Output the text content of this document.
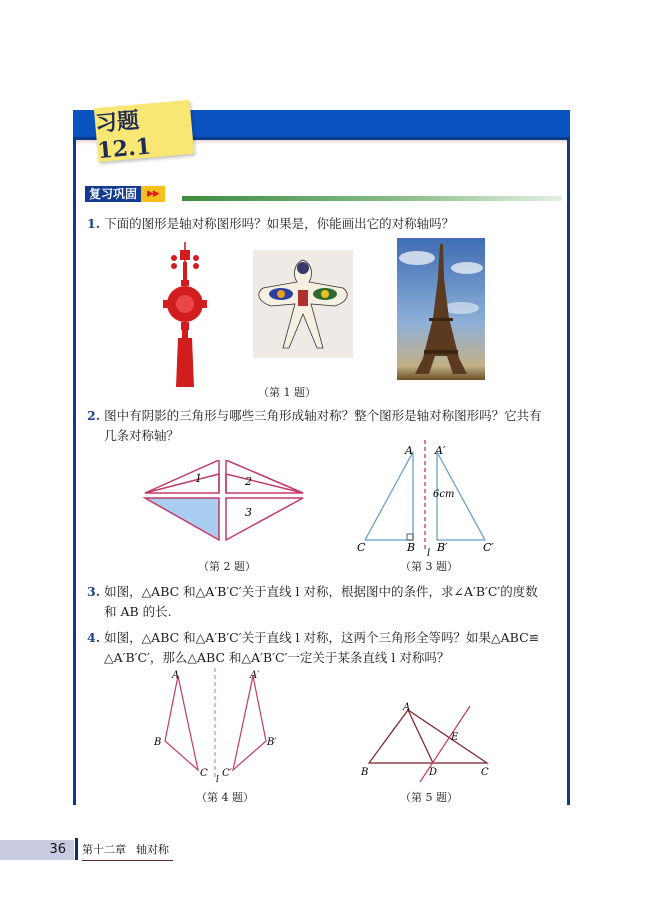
习题12.1
复习巩固	▶▶
1. 下面的图形是轴对称图形吗？如果是，你能画出它的对称轴吗？
（第 1 题）
2. 图中有阴影的三角形与哪些三角形成轴对称？整个图形是轴对称图形吗？它共有
几条对称轴？
1	2
3
（第 2 题）
A A′
6cm
C	B B′	C′
l
（第 3 题）
3. 如图，△ABC 和△A′B′C′关于直线 l 对称，根据图中的条件，求∠A′B′C′的度数
和 AB 的长.
4. 如图，△ABC 和△A′B′C′关于直线 l 对称，这两个三角形全等吗？如果△ABC≌
△A′B′C′，那么△ABC 和△A′B′C′一定关于某条直线 l 对称吗？
A	A′
B	B′
C C′
l
（第 4 题）
A
B	C
D
E
（第 5 题）
36	第十二章 轴对称
